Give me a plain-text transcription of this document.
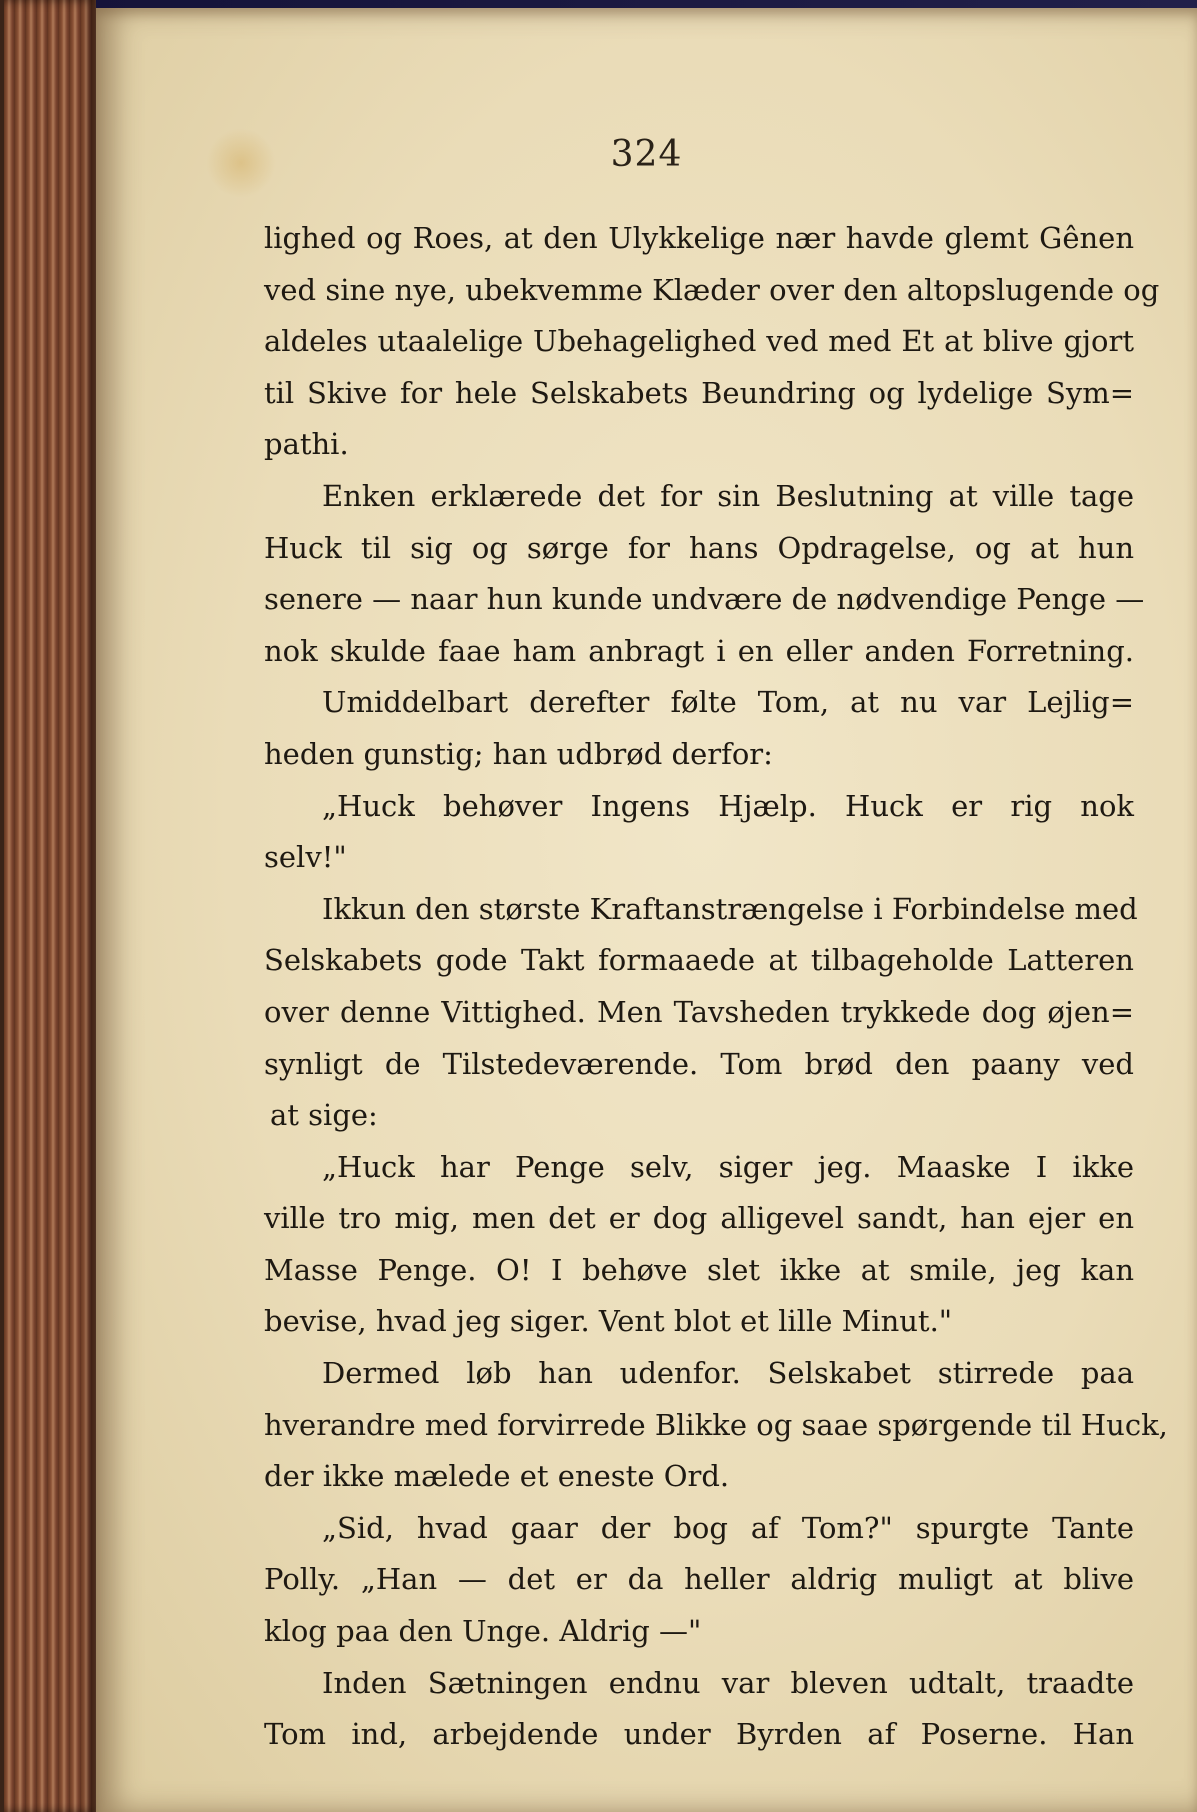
324
lighed og Roes, at den Ulykkelige nær havde glemt Gênen
ved sine nye, ubekvemme Klæder over den altopslugende og
aldeles utaalelige Ubehagelighed ved med Et at blive gjort
til Skive for hele Selskabets Beundring og lydelige Sym=
pathi.
Enken erklærede det for sin Beslutning at ville tage
Huck til sig og sørge for hans Opdragelse, og at hun
senere — naar hun kunde undvære de nødvendige Penge —
nok skulde faae ham anbragt i en eller anden Forretning.
Umiddelbart derefter følte Tom, at nu var Lejlig=
heden gunstig; han udbrød derfor:
„Huck behøver Ingens Hjælp. Huck er rig nok
selv!"
Ikkun den største Kraftanstrængelse i Forbindelse med
Selskabets gode Takt formaaede at tilbageholde Latteren
over denne Vittighed. Men Tavsheden trykkede dog øjen=
synligt de Tilstedeværende. Tom brød den paany ved
at sige:
„Huck har Penge selv, siger jeg. Maaske I ikke
ville tro mig, men det er dog alligevel sandt, han ejer en
Masse Penge. O! I behøve slet ikke at smile, jeg kan
bevise, hvad jeg siger. Vent blot et lille Minut."
Dermed løb han udenfor. Selskabet stirrede paa
hverandre med forvirrede Blikke og saae spørgende til Huck,
der ikke mælede et eneste Ord.
„Sid, hvad gaar der bog af Tom?" spurgte Tante
Polly. „Han — det er da heller aldrig muligt at blive
klog paa den Unge. Aldrig —"
Inden Sætningen endnu var bleven udtalt, traadte
Tom ind, arbejdende under Byrden af Poserne. Han
